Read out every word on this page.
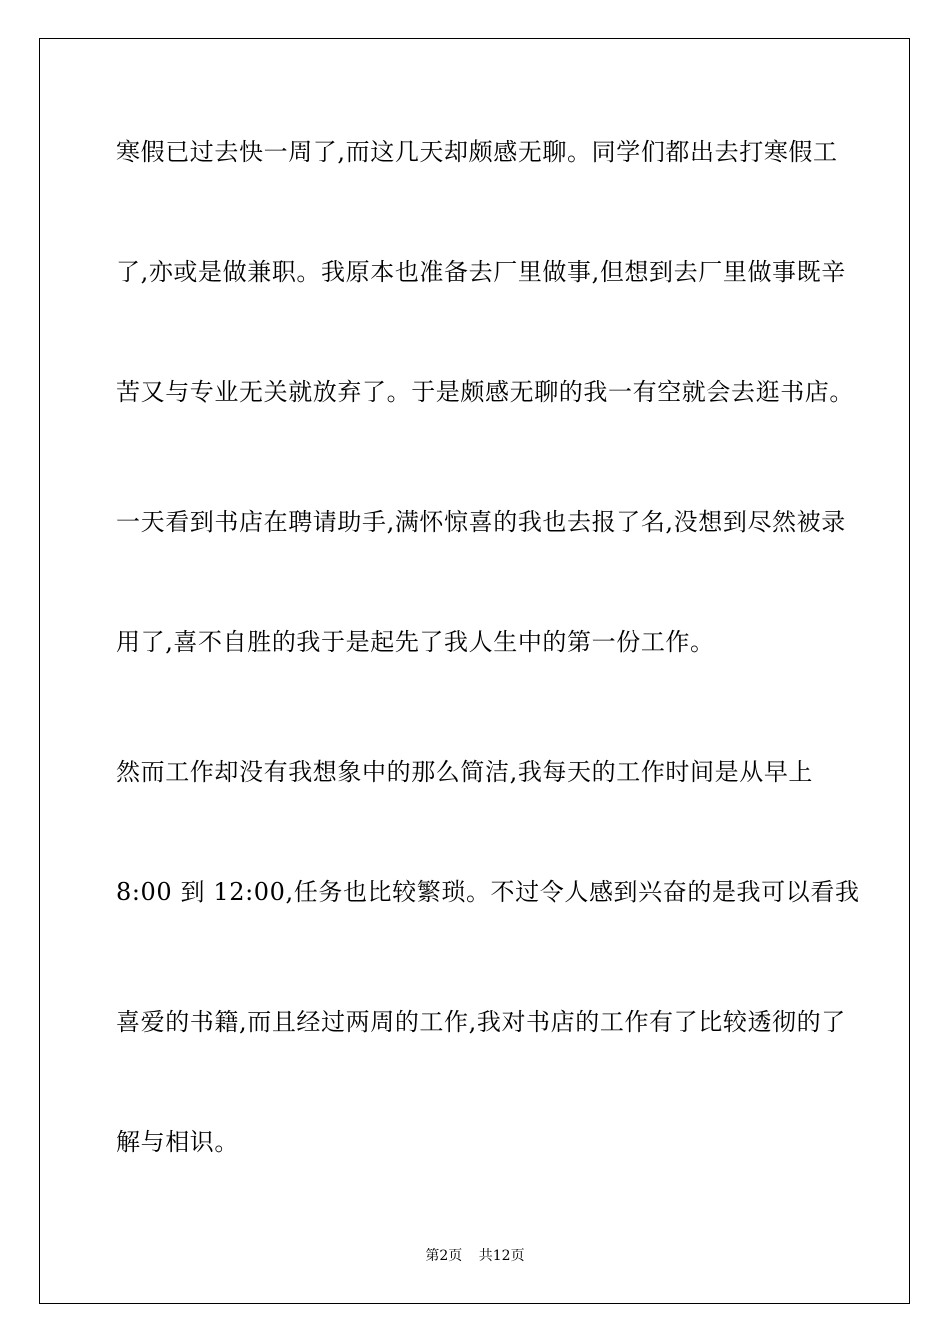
寒假已过去快一周了,而这几天却颇感无聊。同学们都出去打寒假工
了,亦或是做兼职。我原本也准备去厂里做事,但想到去厂里做事既辛
苦又与专业无关就放弃了。于是颇感无聊的我一有空就会去逛书店。
一天看到书店在聘请助手,满怀惊喜的我也去报了名,没想到尽然被录
用了,喜不自胜的我于是起先了我人生中的第一份工作。
然而工作却没有我想象中的那么简洁,我每天的工作时间是从早上
8:00 到 12:00,任务也比较繁琐。不过令人感到兴奋的是我可以看我
喜爱的书籍,而且经过两周的工作,我对书店的工作有了比较透彻的了
解与相识。
第2页 共12页
